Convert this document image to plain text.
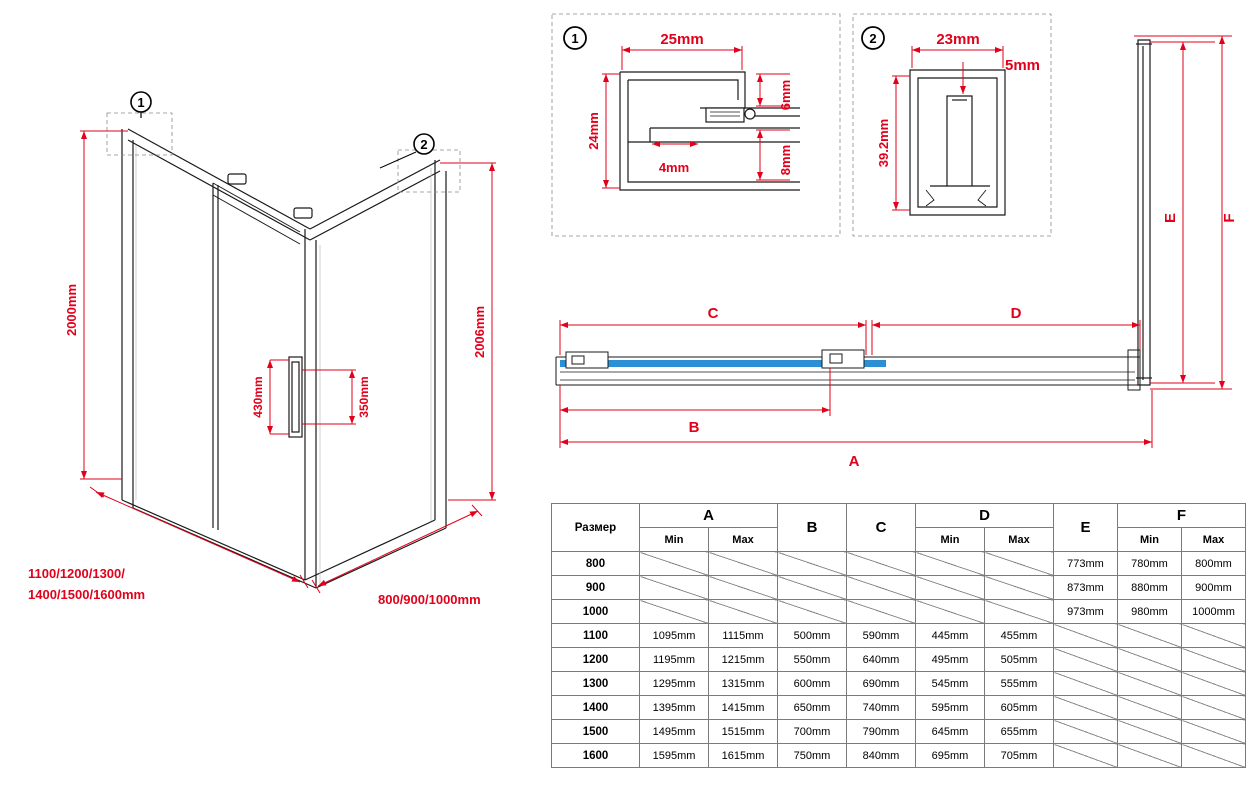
1
2
2000mm	2006mm
430mm	350mm
1100/1200/1300/
1400/1500/1600mm	800/900/1000mm
1	25mm
24mm
4mm
6mm
8mm
2	23mm
5mm
39.2mm
E	F
C	D
B
A
Размер	A		B	C	D		E	F	
	Min	Max			Min	Max		Min	Max
800							773mm	780mm	800mm
900							873mm	880mm	900mm
1000							973mm	980mm	1000mm
1100	1095mm	1115mm	500mm	590mm	445mm	455mm			
1200	1195mm	1215mm	550mm	640mm	495mm	505mm			
1300	1295mm	1315mm	600mm	690mm	545mm	555mm			
1400	1395mm	1415mm	650mm	740mm	595mm	605mm			
1500	1495mm	1515mm	700mm	790mm	645mm	655mm			
1600	1595mm	1615mm	750mm	840mm	695mm	705mm			
